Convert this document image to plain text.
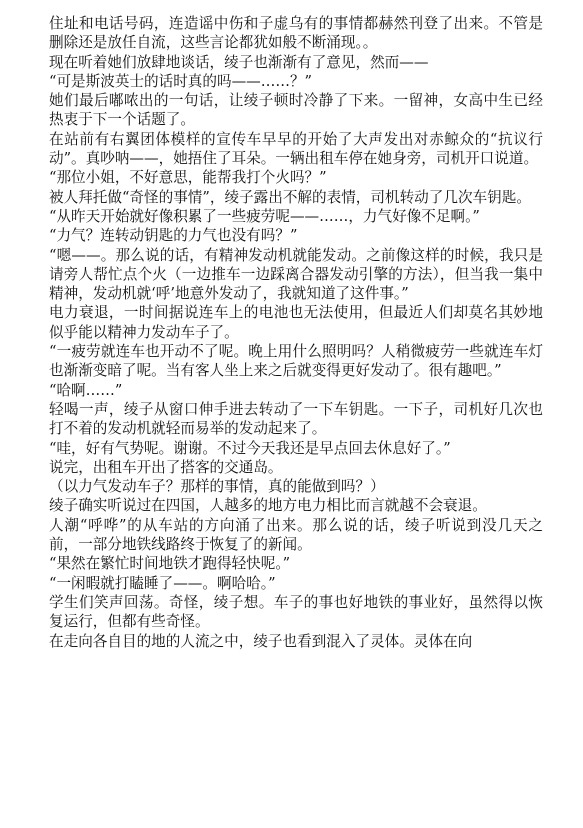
住址和电话号码，连造谣中伤和子虚乌有的事情都赫然刊登了出来。不管是删除还是放任自流，这些言论都犹如般不断涌现。。

现在听着她们放肆地谈话，绫子也渐渐有了意见，然而——

“可是斯波英士的话时真的吗——……？”

她们最后嘟哝出的一句话，让绫子顿时冷静了下来。一留神，女高中生已经热衷于下一个话题了。

在站前有右翼团体模样的宣传车早早的开始了大声发出对赤鲸众的“抗议行动”。真吵呐——，她捂住了耳朵。一辆出租车停在她身旁，司机开口说道。

“那位小姐，不好意思，能帮我打个火吗？”

被人拜托做“奇怪的事情”，绫子露出不解的表情，司机转动了几次车钥匙。

“从昨天开始就好像积累了一些疲劳呢——……，力气好像不足啊。”

“力气？连转动钥匙的力气也没有吗？”

“嗯——。那么说的话，有精神发动机就能发动。之前像这样的时候，我只是请旁人帮忙点个火（一边推车一边踩离合器发动引擎的方法），但当我一集中精神，发动机就‘呼’地意外发动了，我就知道了这件事。”

电力衰退，一时间据说连车上的电池也无法使用，但最近人们却莫名其妙地似乎能以精神力发动车子了。

“一疲劳就连车也开动不了呢。晚上用什么照明吗？人稍微疲劳一些就连车灯也渐渐变暗了呢。当有客人坐上来之后就变得更好发动了。很有趣吧。”

“哈啊……”

轻喝一声，绫子从窗口伸手进去转动了一下车钥匙。一下子，司机好几次也打不着的发动机就轻而易举的发动起来了。

“哇，好有气势呢。谢谢。不过今天我还是早点回去休息好了。”

说完，出租车开出了搭客的交通岛。

（以力气发动车子？那样的事情，真的能做到吗？）

绫子确实听说过在四国，人越多的地方电力相比而言就越不会衰退。

人潮“呼哗”的从车站的方向涌了出来。那么说的话，绫子听说到没几天之前，一部分地铁线路终于恢复了的新闻。

“果然在繁忙时间地铁才跑得轻快呢。”

“一闲暇就打瞌睡了——。啊哈哈。”

学生们笑声回荡。奇怪，绫子想。车子的事也好地铁的事业好，虽然得以恢复运行，但都有些奇怪。

在走向各自目的地的人流之中，绫子也看到混入了灵体。灵体在向
